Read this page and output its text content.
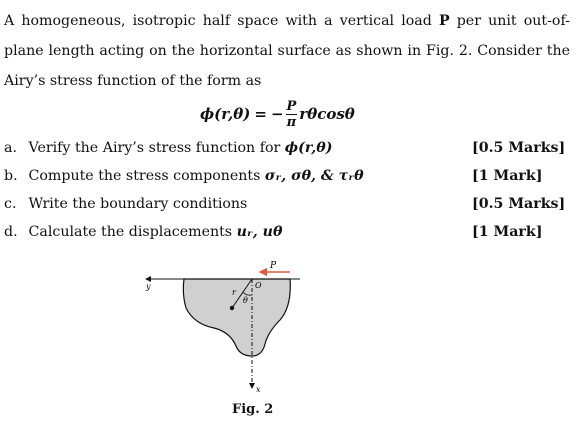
A homogeneous, isotropic half space with a vertical load P per unit out-of-plane length acting on the horizontal surface as shown in Fig. 2. Consider the Airy’s stress function of the form as
ϕ(r,θ) = − $\frac{P}{\pi}$ rθcosθ
a. Verify the Airy’s stress function for ϕ(r,θ)	[0.5 Marks]
b. Compute the stress components σᵣ, σθ, & τᵣθ	[1 Mark]
c. Write the boundary conditions	[0.5 Marks]
d. Calculate the displacements uᵣ, uθ	[1 Mark]
P
O
r
θ
y
x
Fig. 2
